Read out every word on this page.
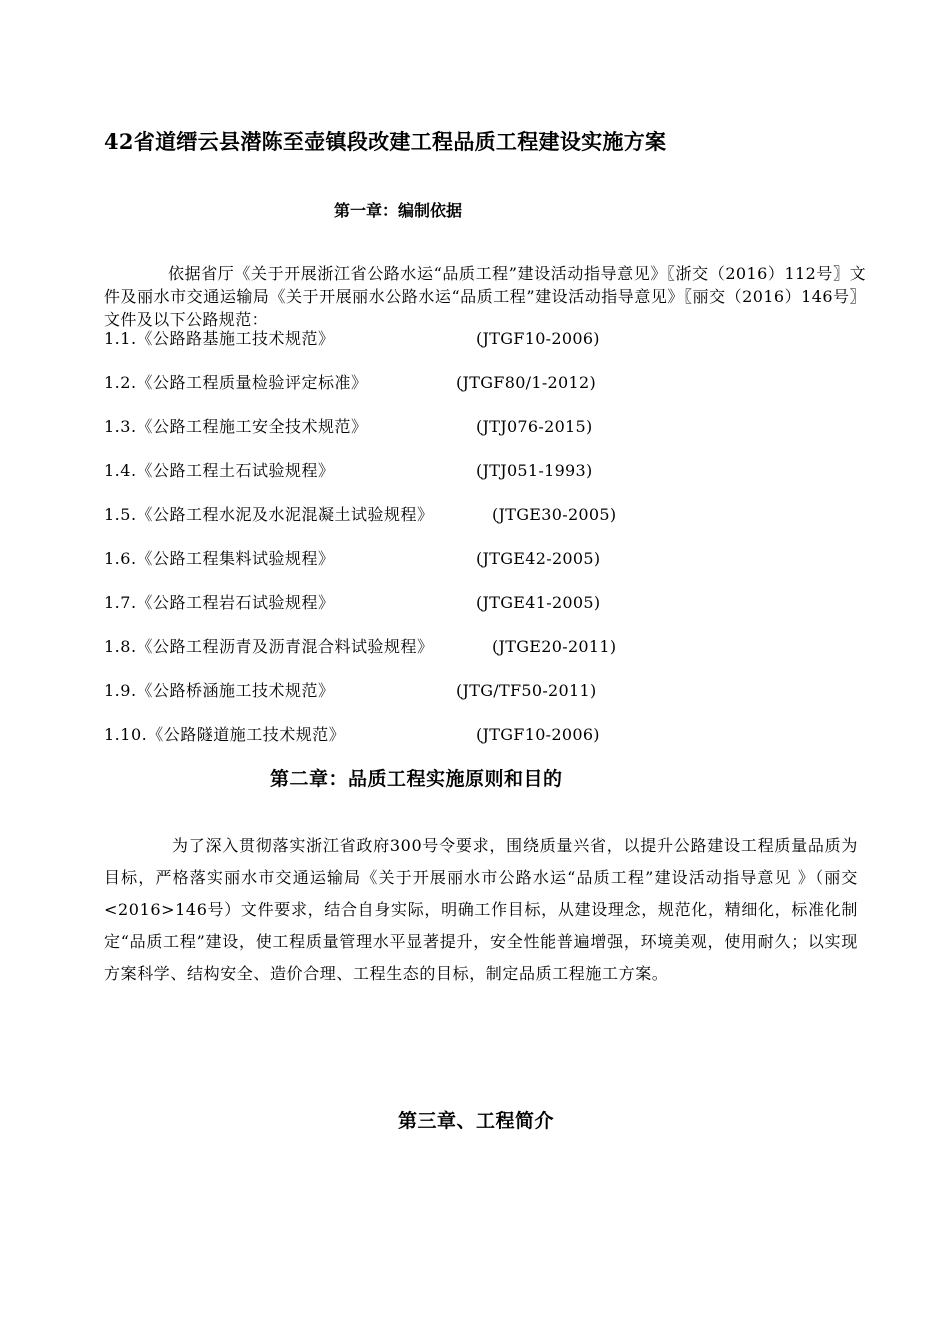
42省道缙云县潜陈至壶镇段改建工程品质工程建设实施方案
第一章：编制依据

依据省厅《关于开展浙江省公路水运“品质工程”建设活动指导意见》〖浙交（2016）112号〗文件及丽水市交通运输局《关于开展丽水公路水运“品质工程”建设活动指导意见》〖丽交（2016）146号〗文件及以下公路规范：

1.1.《公路路基施工技术规范》	(JTGF10-2006)
1.2.《公路工程质量检验评定标准》	(JTGF80/1-2012)
1.3.《公路工程施工安全技术规范》	(JTJ076-2015)
1.4.《公路工程土石试验规程》	(JTJ051-1993)
1.5.《公路工程水泥及水泥混凝土试验规程》	(JTGE30-2005)
1.6.《公路工程集料试验规程》	(JTGE42-2005)
1.7.《公路工程岩石试验规程》	(JTGE41-2005)
1.8.《公路工程沥青及沥青混合料试验规程》	(JTGE20-2011)
1.9.《公路桥涵施工技术规范》	(JTG/TF50-2011)
1.10.《公路隧道施工技术规范》	(JTGF10-2006)
第二章：品质工程实施原则和目的

为了深入贯彻落实浙江省政府300号令要求，围绕质量兴省，以提升公路建设工程质量品质为目标，严格落实丽水市交通运输局《关于开展丽水市公路水运“品质工程”建设活动指导意见 》（丽交<2016>146号）文件要求，结合自身实际，明确工作目标，从建设理念，规范化，精细化，标准化制定“品质工程”建设，使工程质量管理水平显著提升，安全性能普遍增强，环境美观，使用耐久；以实现方案科学、结构安全、造价合理、工程生态的目标，制定品质工程施工方案。

第三章、工程简介
